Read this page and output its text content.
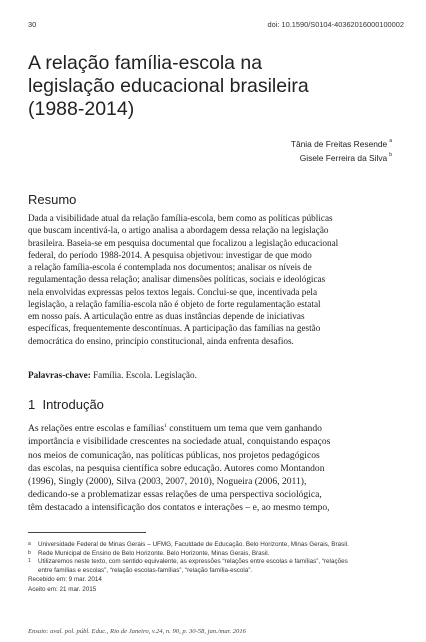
30	doi: 10.1590/S0104-40362016000100002
A relação família-escola na
legislação educacional brasileira
(1988-2014)
Tânia de Freitas Resende $^a$
Gisele Ferreira da Silva $^b$
Resumo
Dada a visibilidade atual da relação família-escola, bem como as políticas públicas
que buscam incentivá-la, o artigo analisa a abordagem dessa relação na legislação
brasileira. Baseia-se em pesquisa documental que focalizou a legislação educacional
federal, do período 1988-2014. A pesquisa objetivou: investigar de que modo
a relação família-escola é contemplada nos documentos; analisar os níveis de
regulamentação dessa relação; analisar dimensões políticas, sociais e ideológicas
nela envolvidas expressas pelos textos legais. Conclui-se que, incentivada pela
legislação, a relação família-escola não é objeto de forte regulamentação estatal
em nosso país. A articulação entre as duas instâncias depende de iniciativas
específicas, frequentemente descontínuas. A participação das famílias na gestão
democrática do ensino, princípio constitucional, ainda enfrenta desafios.
Palavras-chave: Família. Escola. Legislação.
1 Introdução
As relações entre escolas e famílias$^1$ constituem um tema que vem ganhando
importância e visibilidade crescentes na sociedade atual, conquistando espaços
nos meios de comunicação, nas políticas públicas, nos projetos pedagógicos
das escolas, na pesquisa científica sobre educação. Autores como Montandon
(1996), Singly (2000), Silva (2003, 2007, 2010), Nogueira (2006, 2011),
dedicando-se a problematizar essas relações de uma perspectiva sociológica,
têm destacado a intensificação dos contatos e interações – e, ao mesmo tempo,
a Universidade Federal de Minas Gerais – UFMG, Faculdade de Educação. Belo Horizonte, Minas Gerais, Brasil.
b Rede Municipal de Ensino de Belo Horizonte. Belo Horizonte, Minas Gerais, Brasil.
1 Utilizaremos neste texto, com sentido equivalente, as expressões “relações entre escolas e famílias”, “relações
entre famílias e escolas”, “relação escolas-famílias”, “relação família-escola”.
Recebido em: 9 mar. 2014
Aceito em: 21 mar. 2015
Ensaio: aval. pol. públ. Educ., Rio de Janeiro, v.24, n. 90, p. 30-58, jan./mar. 2016
